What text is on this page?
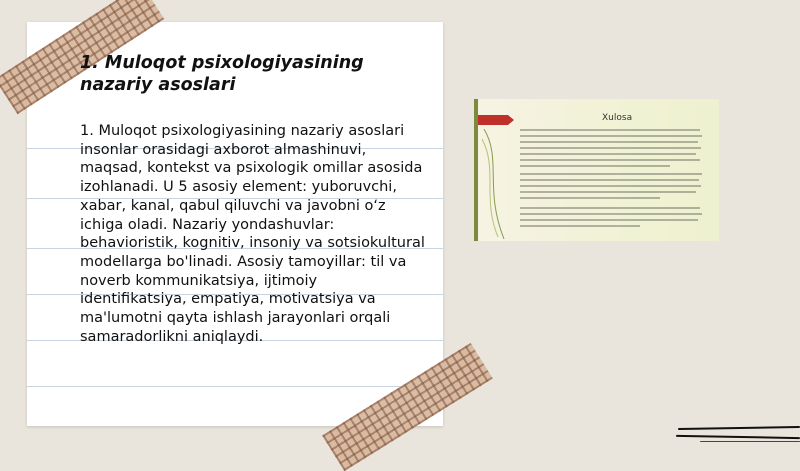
1. Muloqot psixologiyasining nazariy asoslari

1. Muloqot psixologiyasining nazariy asoslari insonlar orasidagi axborot almashinuvi, maqsad, kontekst va psixologik omillar asosida izohlanadi. U 5 asosiy element: yuboruvchi, xabar, kanal, qabul qiluvchi va javobni o‘z ichiga oladi. Nazariy yondashuvlar: behavioristik, kognitiv, insoniy va sotsiokultural modellarga bo'linadi. Asosiy tamoyillar: til va noverb kommunikatsiya, ijtimoiy identifikatsiya, empatiya, motivatsiya va ma'lumotni qayta ishlash jarayonlari orqali samaradorlikni aniqlaydi.

Xulosa
